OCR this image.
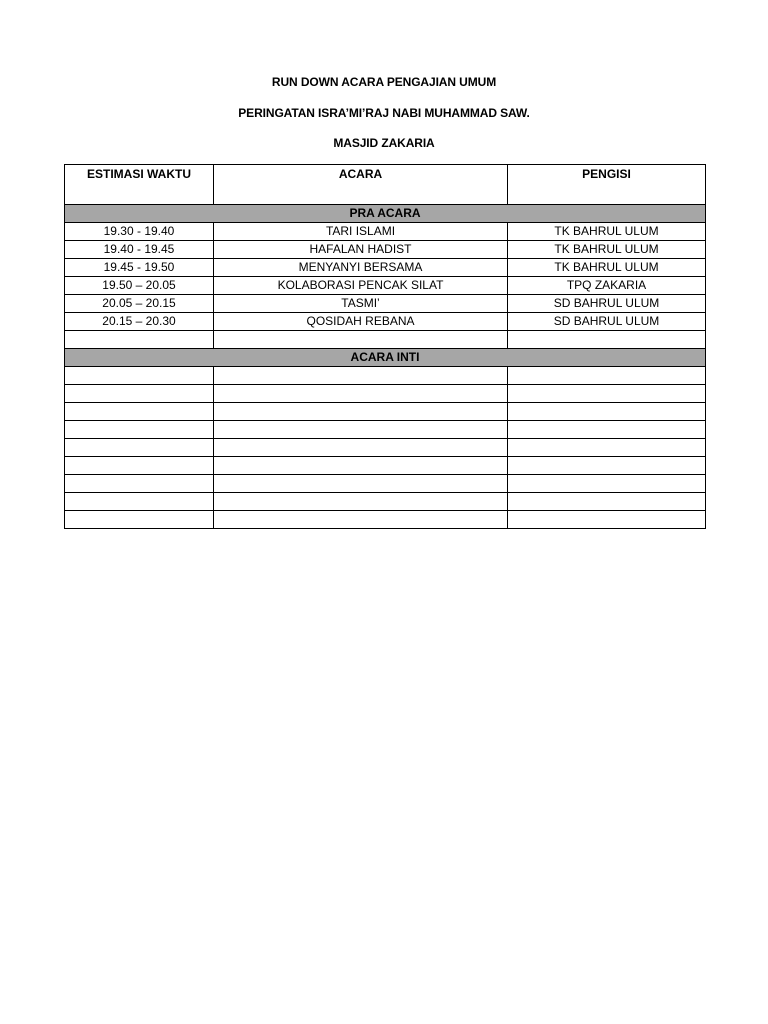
RUN DOWN ACARA PENGAJIAN UMUM
PERINGATAN ISRA’MI’RAJ NABI MUHAMMAD SAW.
MASJID ZAKARIA
ESTIMASI WAKTU	ACARA	PENGISI
PRA ACARA		
19.30 - 19.40	TARI ISLAMI	TK BAHRUL ULUM
19.40 - 19.45	HAFALAN HADIST	TK BAHRUL ULUM
19.45 - 19.50	MENYANYI BERSAMA	TK BAHRUL ULUM
19.50 – 20.05	KOLABORASI PENCAK SILAT	TPQ ZAKARIA
20.05 – 20.15	TASMI’	SD BAHRUL ULUM
20.15 – 20.30	QOSIDAH REBANA	SD BAHRUL ULUM

ACARA INTI		
